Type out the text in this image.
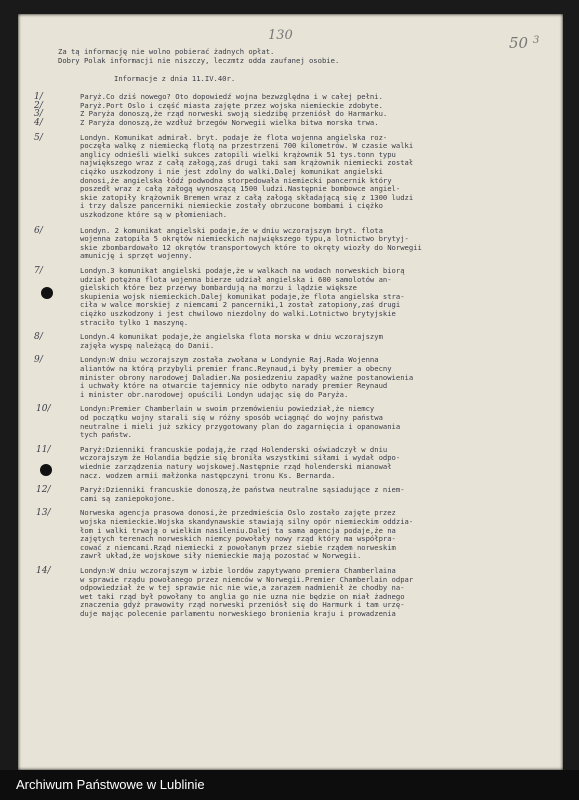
130	50 3
Za tą informację nie wolno pobierać żadnych opłat.
Dobry Polak informacji nie niszczy, leczmtz odda zaufanej osobie.
Informacje z dnia 11.IV.40r.
1/	Paryż.Co dziś nowego? Oto dopowiedź wojna bezwzględna i w całej pełni.
2/	Paryż.Port Oslo i część miasta zajęte przez wojska niemieckie zdobyte.
3/	Z Paryża donoszą,że rząd norweski swoją siedzibę przeniósł do Harmarku.
4/	Z Paryża donoszą,że wzdłuż brzegów Norwegii wielka bitwa morska trwa.
5/	Londyn. Komunikat admirał. bryt. podaje że flota wojenna angielska roz-
poczęła walkę z niemiecką flotą na przestrzeni 700 kilometrów. W czasie walki
anglicy odnieśli wielki sukces zatopili wielki krążownik 51 tys.tonn typu
największego wraz z całą załogą,zaś drugi taki sam krążownik niemiecki został
ciężko uszkodzony i nie jest zdolny do walki.Dalej komunikat angielski
donosi,że angielska łódź podwodna storpedowała niemiecki pancernik który
poszedł wraz z całą załogą wynoszącą 1500 ludzi.Następnie bombowce angiel-
skie zatopiły krążownik Bremen wraz z całą załogą składającą się z 1300 ludzi
i trzy dalsze pancerniki niemieckie zostały obrzucone bombami i ciężko
uszkodzone które są w płomieniach.
6/	Londyn. 2 komunikat angielski podaje,że w dniu wczorajszym bryt. flota
wojenna zatopiła 5 okrętów niemieckich największego typu,a lotnictwo brytyj-
skie zbombardowało 12 okrętów transportowych które to okręty wiozły do Norwegii
amunicję i sprzęt wojenny.
7/	Londyn.3 komunikat angielski podaje,że w walkach na wodach norweskich biorą
udział potężna flota wojenna bierze udział angielska i 600 samolotów an-
gielskich które bez przerwy bombardują na morzu i lądzie większe
skupienia wojsk niemieckich.Dalej komunikat podaje,że flota angielska stra-
ciła w walce morskiej z niemcami 2 pancerniki,1 został zatopiony,zaś drugi
ciężko uszkodzony i jest chwilowo niezdolny do walki.Lotnictwo brytyjskie
straciło tylko 1 maszynę.
8/	Londyn.4 komunikat podaje,że angielska flota morska w dniu wczorajszym
zajęła wyspę należącą do Danii.
9/	Londyn:W dniu wczorajszym została zwołana w Londynie Raj.Rada Wojenna
aliantów na którą przybyli premier franc.Reynaud,i były premier a obecny
minister obrony narodowej Daladier.Na posiedzeniu zapadły ważne postanowienia
i uchwały które na otwarcie tajemnicy nie odbyto narady premier Reynaud
i minister obr.narodowej opuścili Londyn udając się do Paryża.
10/	Londyn:Premier Chamberlain w swoim przemówieniu powiedział,że niemcy
od początku wojny starali się w różny sposób wciągnąć do wojny państwa
neutralne i mieli już szkicy przygotowany plan do zagarnięcia i opanowania
tych państw.
11/	Paryż:Dzienniki francuskie podają,że rząd Holenderski oświadczył w dniu
wczorajszym że Holandia będzie się broniła wszystkimi siłami i wydał odpo-
wiednie zarządzenia natury wojskowej.Następnie rząd holenderski mianował
nacz. wodzem armii małżonka następczyni tronu Ks. Bernarda.
12/	Paryż:Dzienniki francuskie donoszą,że państwa neutralne sąsiadujące z niem-
cami są zaniepokojone.
13/	Norweska agencja prasowa donosi,że przedmieścia Oslo zostało zajęte przez
wojska niemieckie.Wojska skandynawskie stawiają silny opór niemieckim oddzia-
łom i walki trwają o wielkim nasileniu.Dalej ta sama agencja podaje,że na
zajętych terenach norweskich niemcy powołały nowy rząd który ma współpra-
cować z niemcami.Rząd niemiecki z powołanym przez siebie rządem norweskim
zawrł układ,że wojskowe siły niemieckie mają pozostać w Norwegii.
14/	Londyn:W dniu wczorajszym w izbie lordów zapytywano premiera Chamberlaina
w sprawie rządu powołanego przez niemców w Norwegii.Premier Chamberlain odpar
odpowiedział że w tej sprawie nic nie wie,a zarazem nadmienił że chodby na-
wet taki rząd był powołany to anglia go nie uzna nie będzie on miał żadnego
znaczenia gdyż prawowity rząd norweski przeniósł się do Harmurk i tam urzę-
duje mając polecenie parlamentu norweskiego bronienia kraju i prowadzenia
Archiwum Państwowe w Lublinie
